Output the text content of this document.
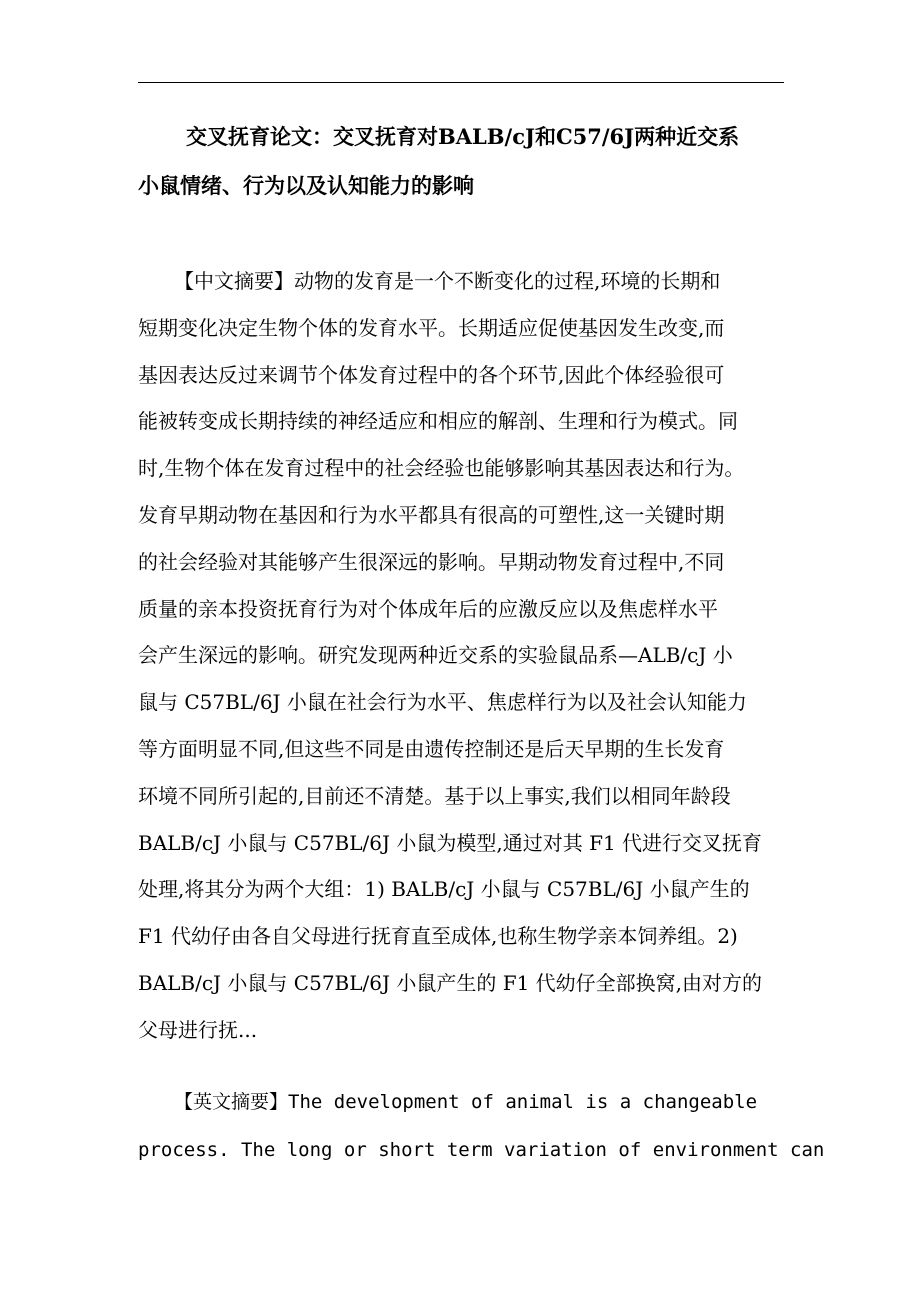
交叉抚育论文：交叉抚育对BALB/cJ和C57/6J两种近交系
小鼠情绪、行为以及认知能力的影响
【中文摘要】动物的发育是一个不断变化的过程,环境的长期和
短期变化决定生物个体的发育水平。长期适应促使基因发生改变,而
基因表达反过来调节个体发育过程中的各个环节,因此个体经验很可
能被转变成长期持续的神经适应和相应的解剖、生理和行为模式。同
时,生物个体在发育过程中的社会经验也能够影响其基因表达和行为。
发育早期动物在基因和行为水平都具有很高的可塑性,这一关键时期
的社会经验对其能够产生很深远的影响。早期动物发育过程中,不同
质量的亲本投资抚育行为对个体成年后的应激反应以及焦虑样水平
会产生深远的影响。研究发现两种近交系的实验鼠品系—ALB/cJ 小
鼠与 C57BL/6J 小鼠在社会行为水平、焦虑样行为以及社会认知能力
等方面明显不同,但这些不同是由遗传控制还是后天早期的生长发育
环境不同所引起的,目前还不清楚。基于以上事实,我们以相同年龄段
BALB/cJ 小鼠与 C57BL/6J 小鼠为模型,通过对其 F1 代进行交叉抚育
处理,将其分为两个大组：1) BALB/cJ 小鼠与 C57BL/6J 小鼠产生的
F1 代幼仔由各自父母进行抚育直至成体,也称生物学亲本饲养组。2)
BALB/cJ 小鼠与 C57BL/6J 小鼠产生的 F1 代幼仔全部换窝,由对方的
父母进行抚...
【英文摘要】The development of animal is a changeable
process. The long or short term variation of environment can
